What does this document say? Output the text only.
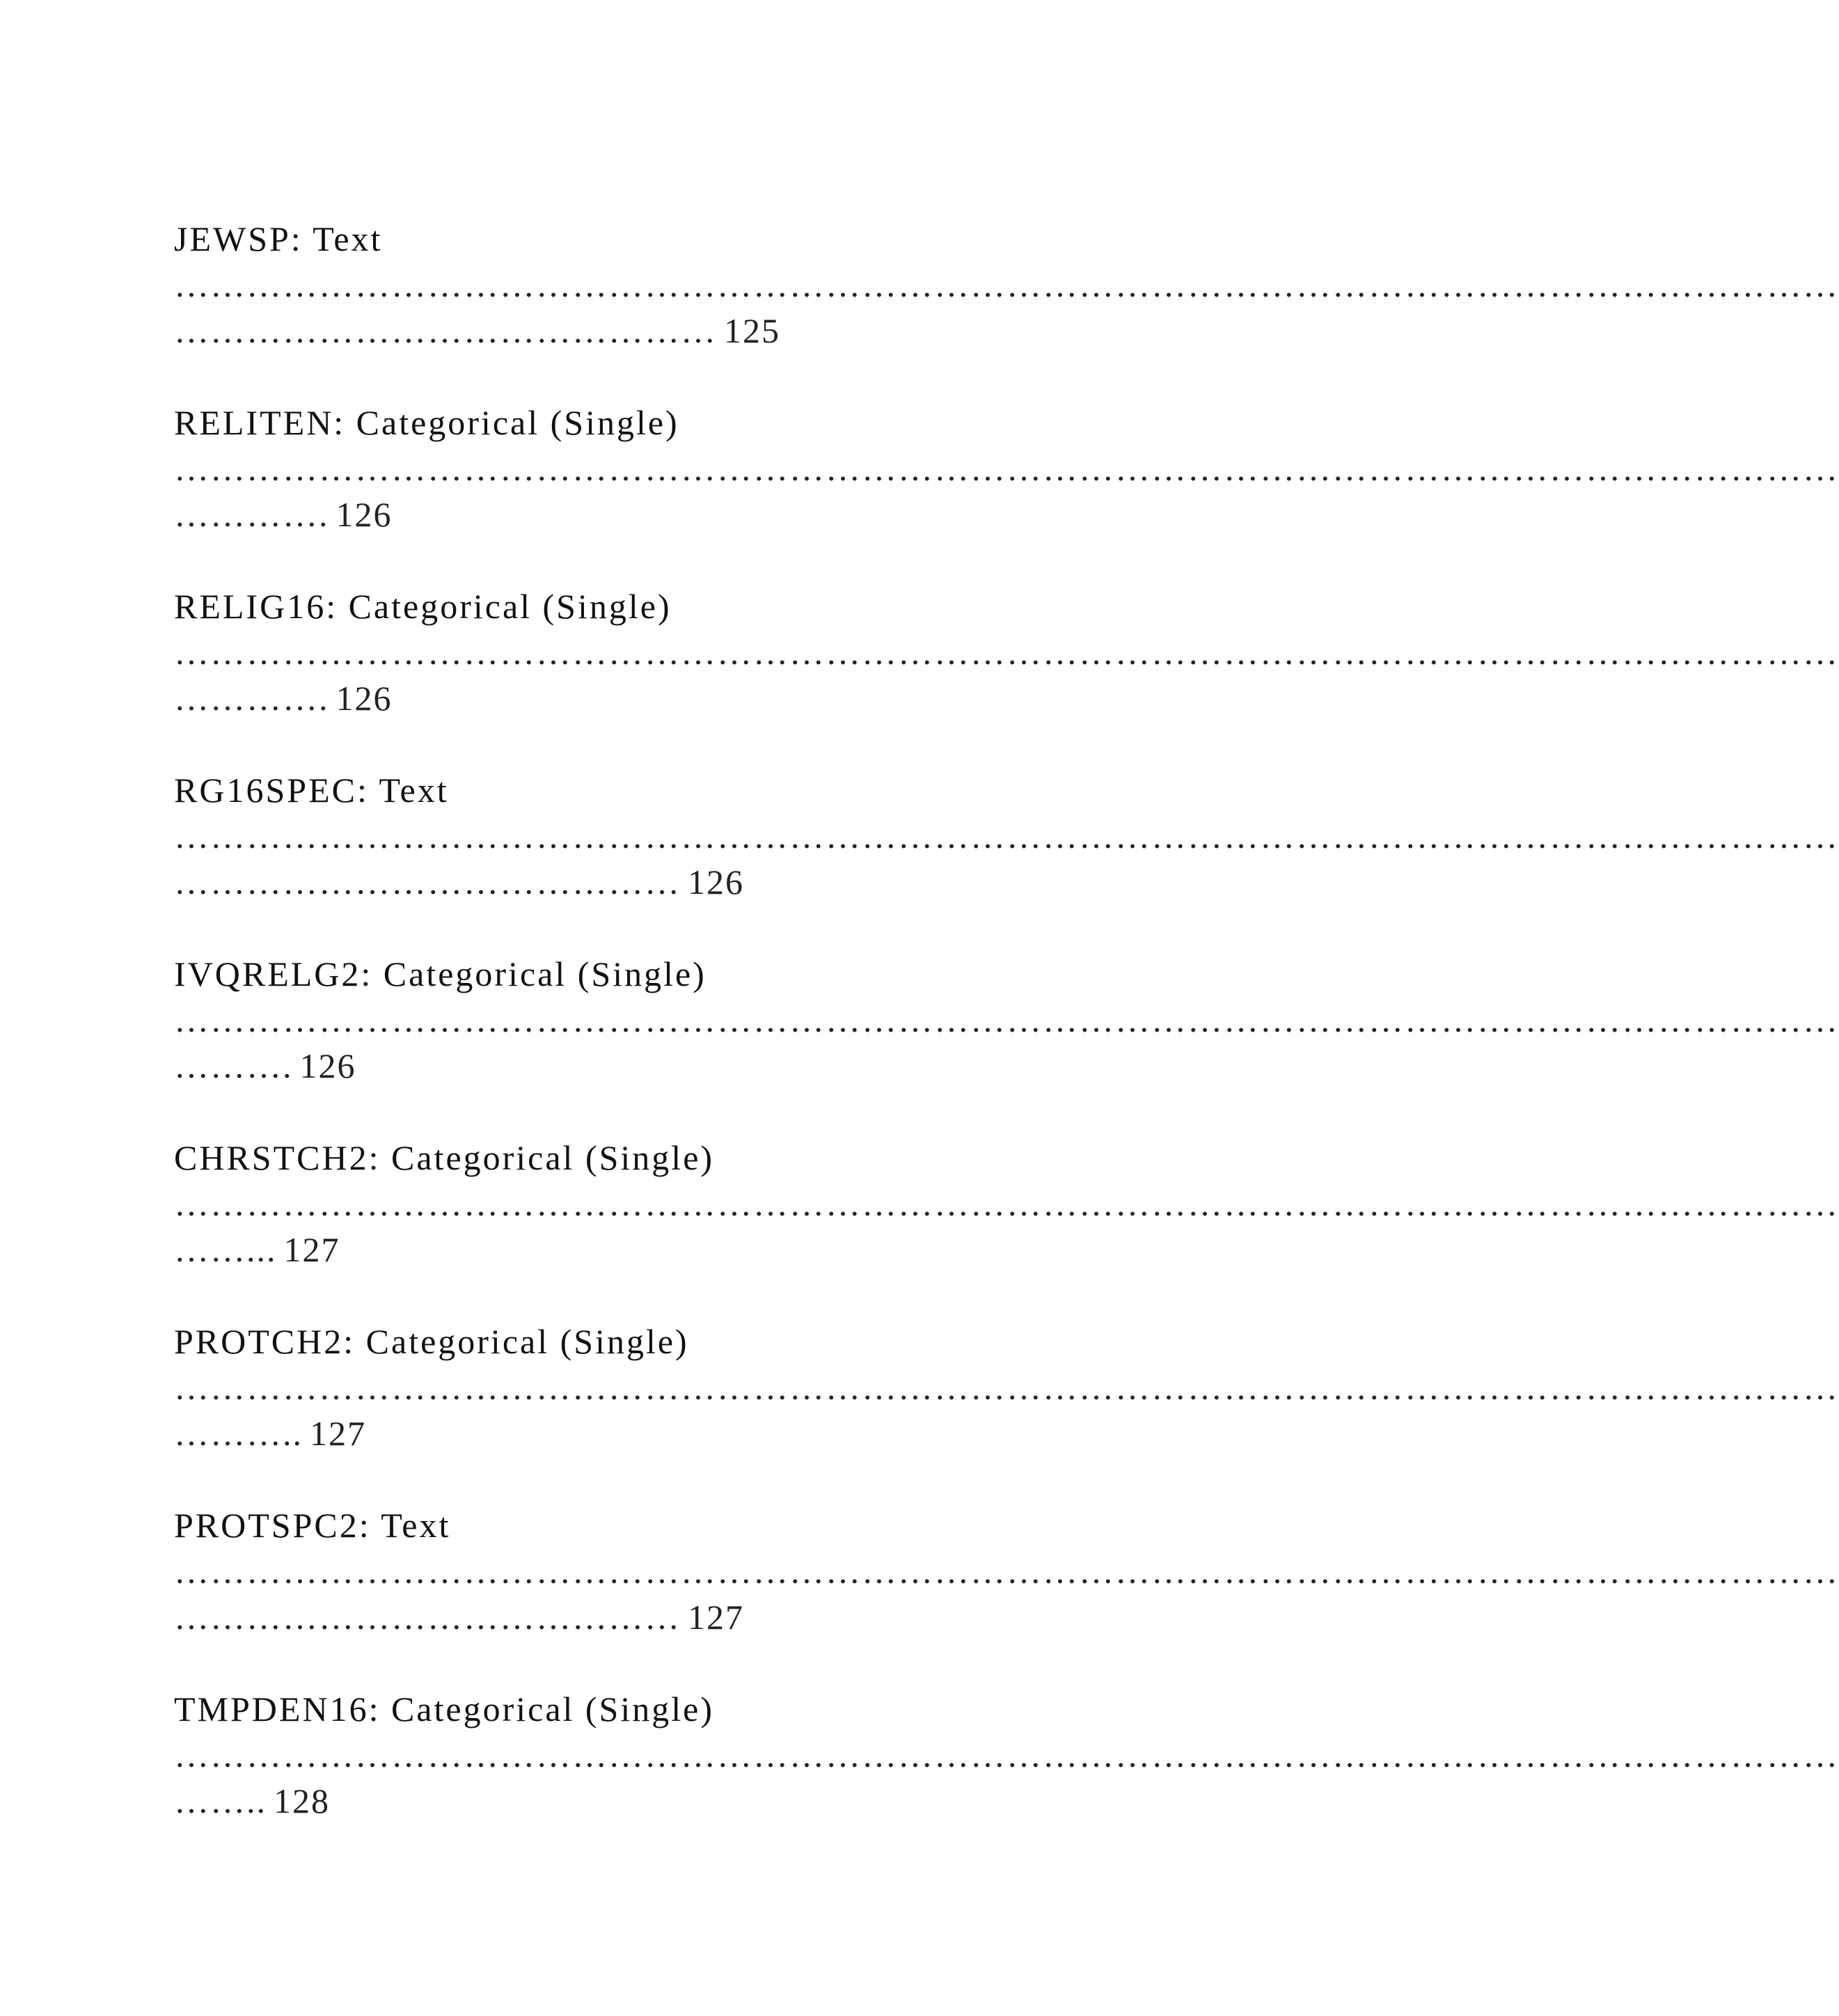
JEWSP: Text
…………………………………………………………………………………………………………………………
……………………………………… 125
RELITEN: Categorical (Single)
…………………………………………………………………………………………………………………………
…………. 126
RELIG16: Categorical (Single)
…………………………………………………………………………………………………………………………
…………. 126
RG16SPEC: Text
…………………………………………………………………………………………………………………………
…………………………………… 126
IVQRELG2: Categorical (Single)
…………………………………………………………………………………………………………………………
………. 126
CHRSTCH2: Categorical (Single)
…………………………………………………………………………………………………………………………
……... 127
PROTCH2: Categorical (Single)
…………………………………………………………………………………………………………………………
……….. 127
PROTSPC2: Text
…………………………………………………………………………………………………………………………
…………………………………… 127
TMPDEN16: Categorical (Single)
…………………………………………………………………………………………………………………………
…….. 128
